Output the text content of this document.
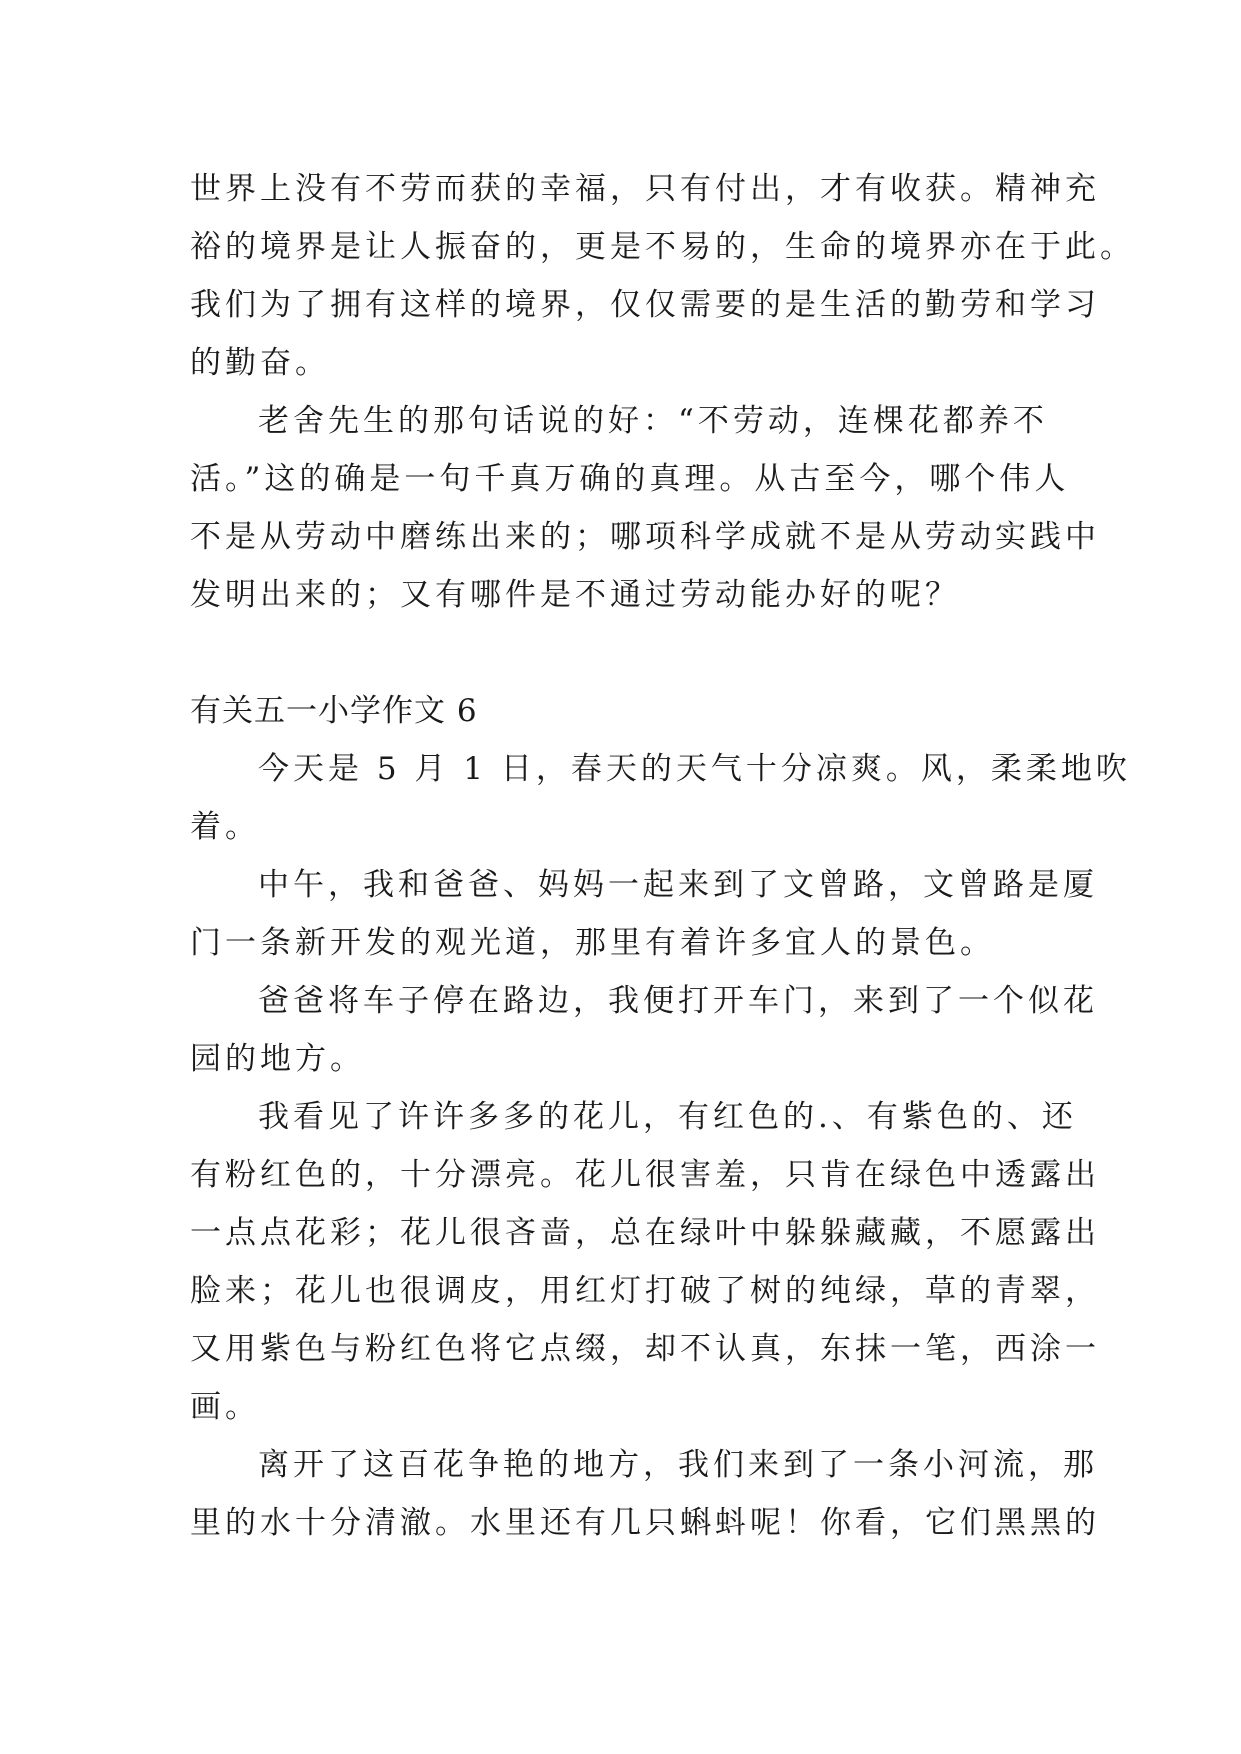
世界上没有不劳而获的幸福，只有付出，才有收获。精神充
裕的境界是让人振奋的，更是不易的，生命的境界亦在于此。
我们为了拥有这样的境界，仅仅需要的是生活的勤劳和学习
的勤奋。
老舍先生的那句话说的好：“不劳动，连棵花都养不
活。”这的确是一句千真万确的真理。从古至今，哪个伟人
不是从劳动中磨练出来的；哪项科学成就不是从劳动实践中
发明出来的；又有哪件是不通过劳动能办好的呢？
有关五一小学作文 6
今天是 5 月 1 日，春天的天气十分凉爽。风，柔柔地吹
着。
中午，我和爸爸、妈妈一起来到了文曾路，文曾路是厦
门一条新开发的观光道，那里有着许多宜人的景色。
爸爸将车子停在路边，我便打开车门，来到了一个似花
园的地方。
我看见了许许多多的花儿，有红色的.、有紫色的、还
有粉红色的，十分漂亮。花儿很害羞，只肯在绿色中透露出
一点点花彩；花儿很吝啬，总在绿叶中躲躲藏藏，不愿露出
脸来；花儿也很调皮，用红灯打破了树的纯绿，草的青翠，
又用紫色与粉红色将它点缀，却不认真，东抹一笔，西涂一
画。
离开了这百花争艳的地方，我们来到了一条小河流，那
里的水十分清澈。水里还有几只蝌蚪呢！你看，它们黑黑的
